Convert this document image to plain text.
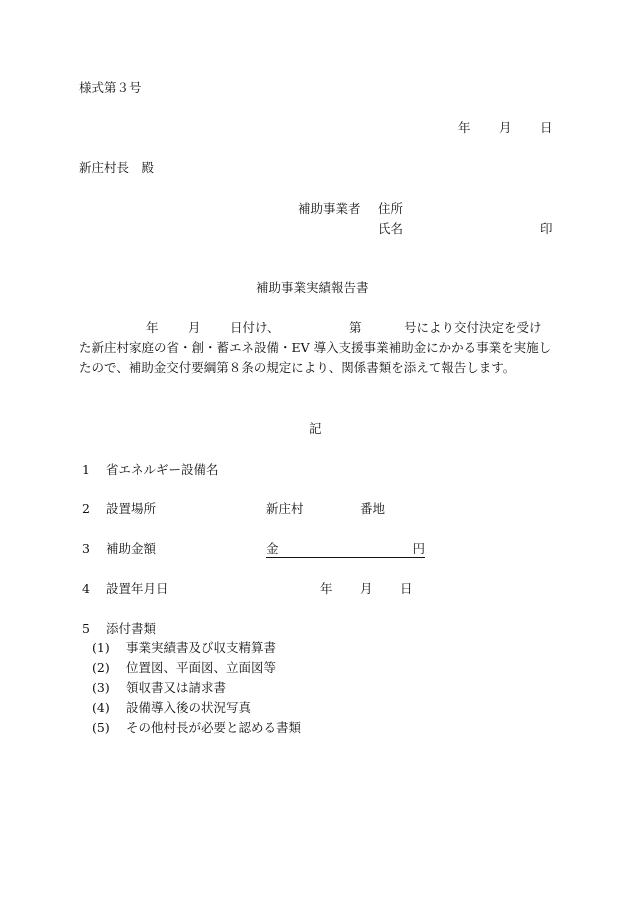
様式第３号
年 月 日
新庄村長　殿
補助事業者 住所
氏名	印
補助事業実績報告書
年 月 日付け、	第	号により交付決定を受けた新庄村家庭の省・創・蓄エネ設備・EV 導入支援事業補助金にかかる事業を実施したので、補助金交付要綱第８条の規定により、関係書類を添えて報告します。
記
1 省エネルギー設備名
2 設置場所	新庄村	番地
3 補助金額	金	円
4 設置年月日	年 月 日
5 添付書類
(1) 事業実績書及び収支精算書
(2) 位置図、平面図、立面図等
(3) 領収書又は請求書
(4) 設備導入後の状況写真
(5) その他村長が必要と認める書類
